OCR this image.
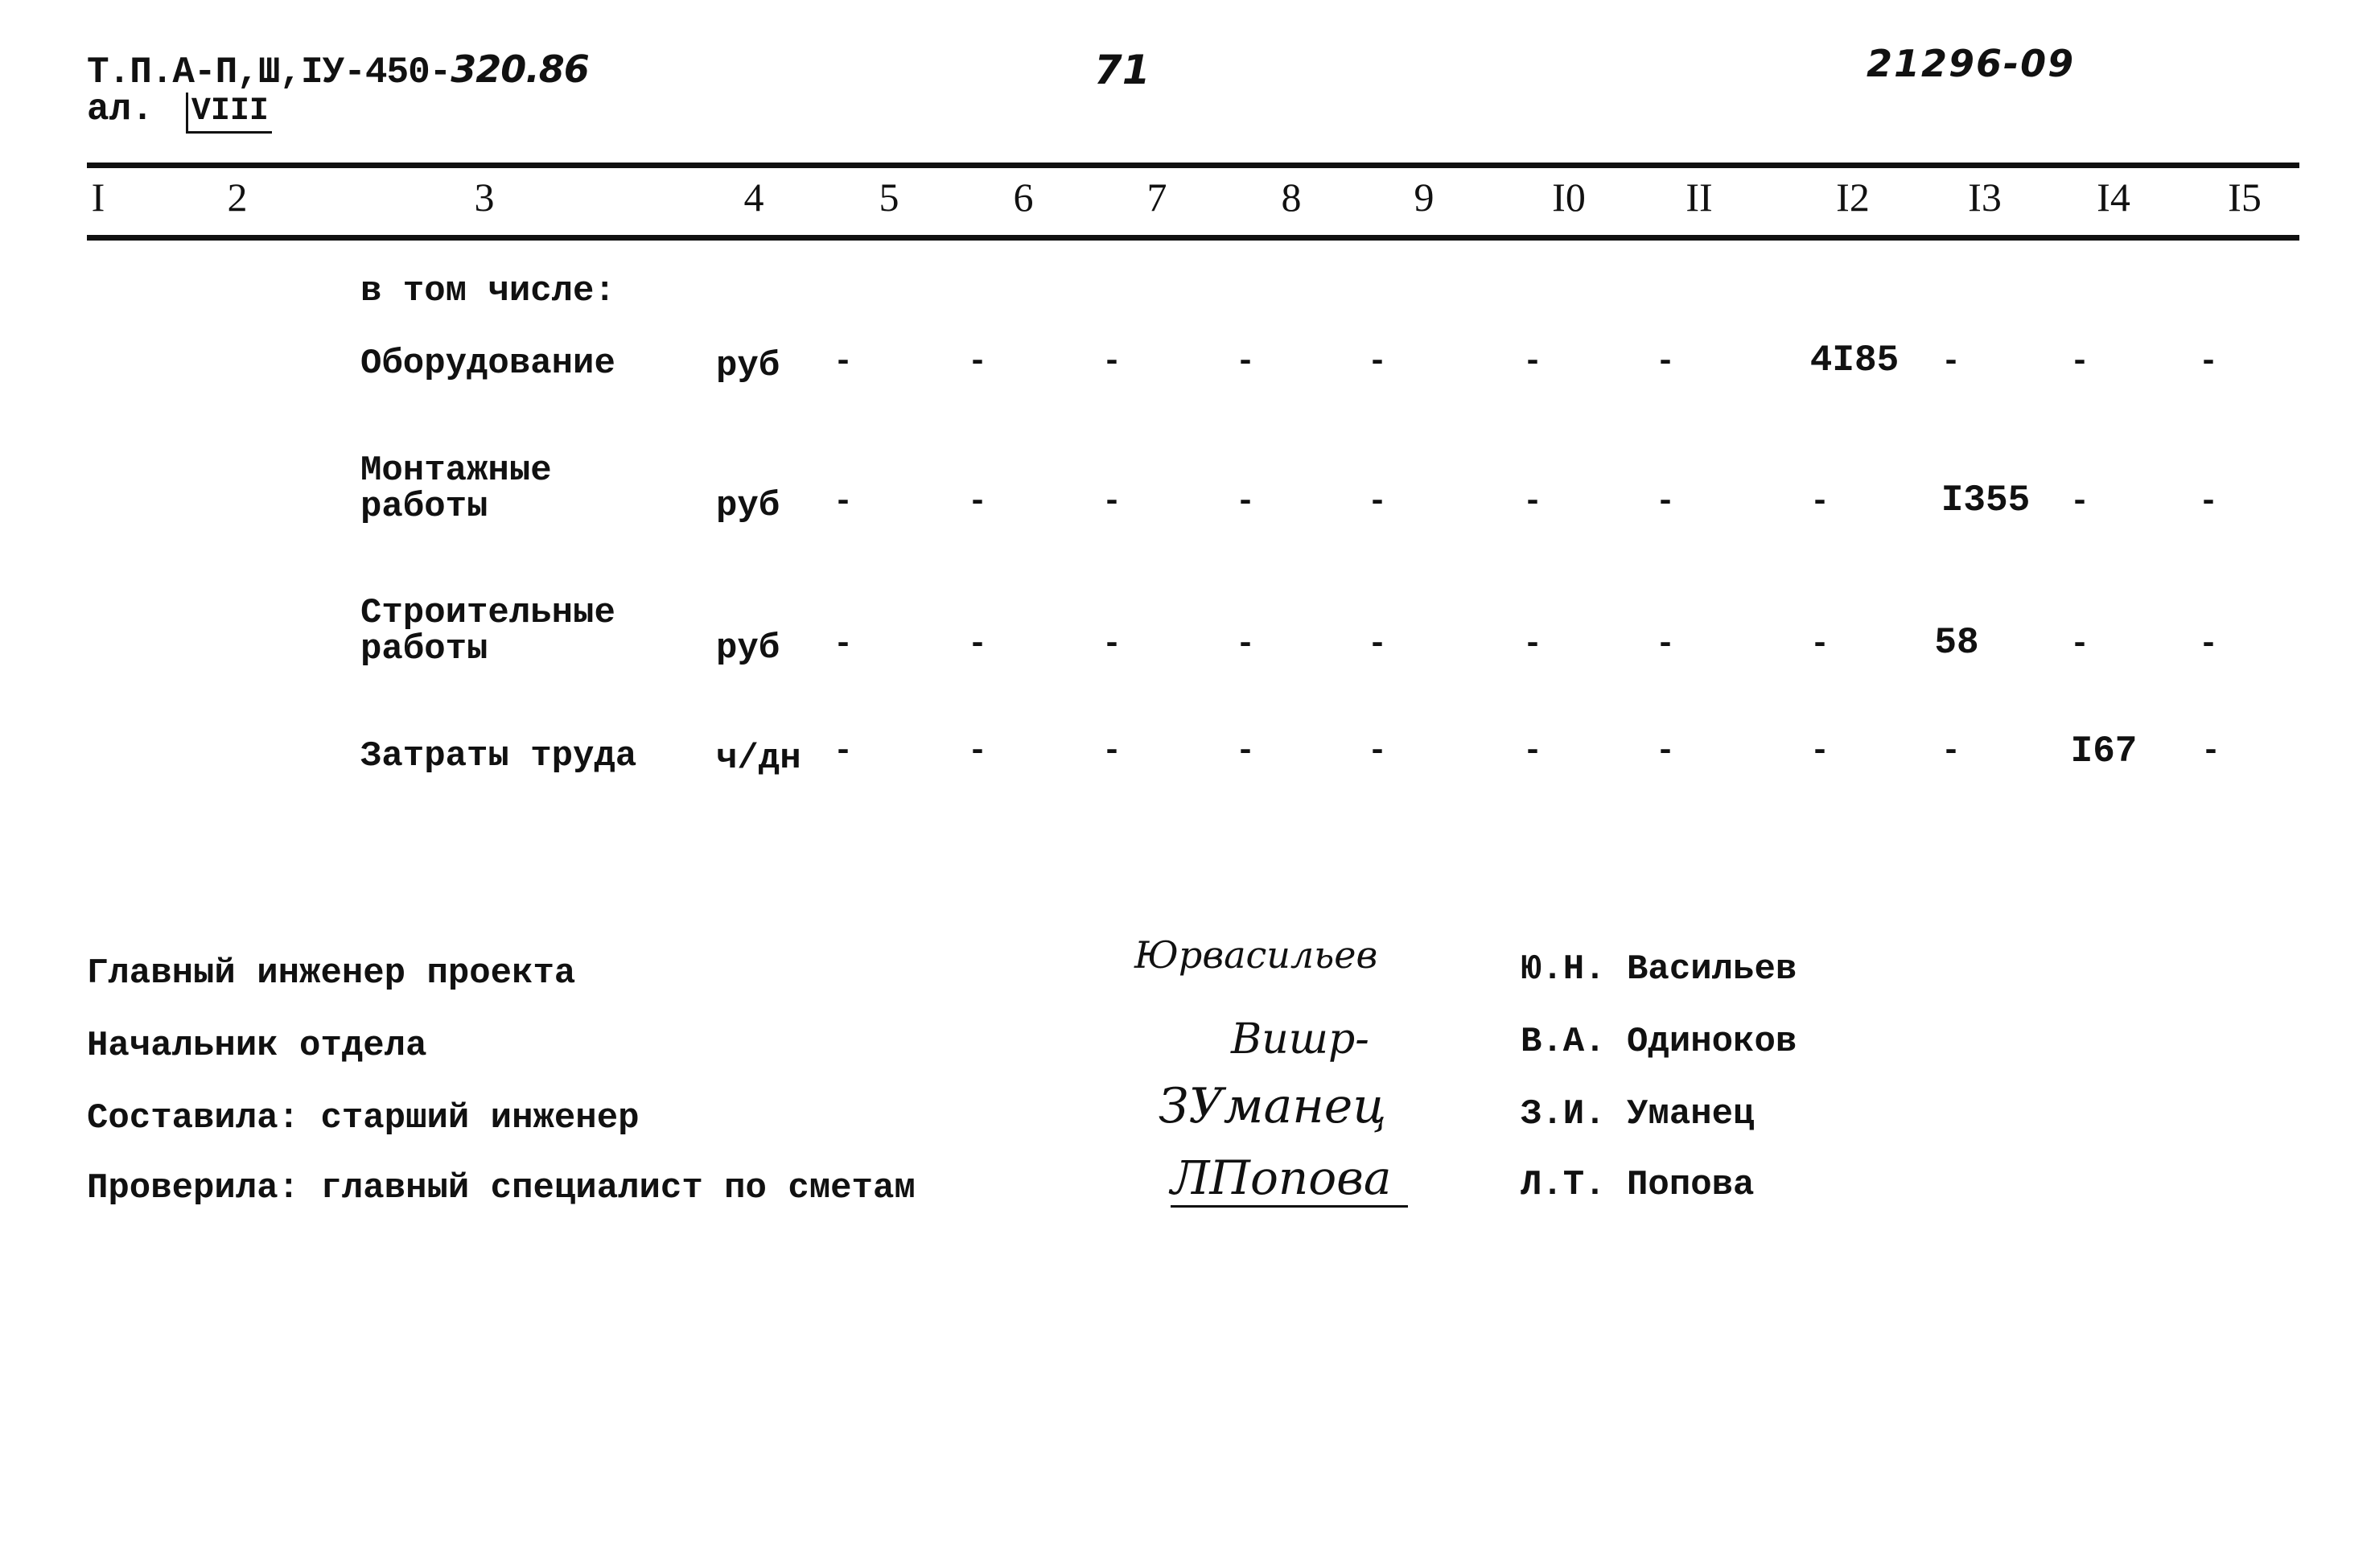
Т.П.А-П,Ш,IУ-450-320.86
ал. VIII
71	21296-09
I	2	3	4	5	6	7	8	9	I0 II	I2 I3 I4 I5
в том числе:
Оборудование	руб -	-	-	-	-	-	-	4I85 -	-	-
Монтажные
работы	руб -	-	-	-	-	-	-	-	I355 -	-
Строительные
работы	руб -	-	-	-	-	-	-	-	58	-	-
Затраты труда ч/дн -	-	-	-	-	-	-	-	-	I67 -
Главный инженер проекта	Юрвасильев	Ю.Н. Васильев
Начальник отдела	Вишр-	В.А. Одиноков
Составила: старший инженер	ЗУманец	З.И. Уманец
Проверила: главный специалист по сметам	ЛПопова	Л.Т. Попова
